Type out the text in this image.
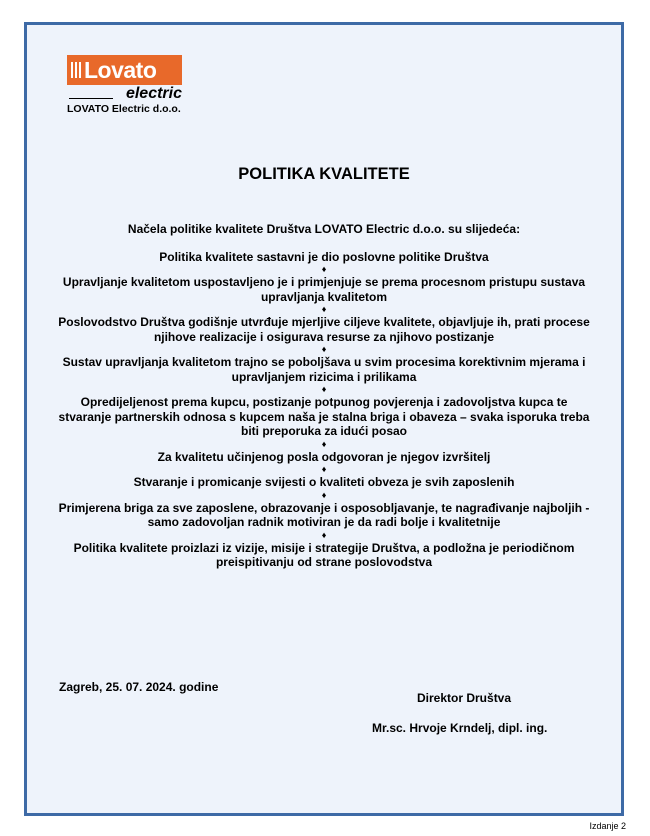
Lovato
electric
LOVATO Electric d.o.o.
POLITIKA KVALITETE
Načela politike kvalitete Društva LOVATO Electric d.o.o. su slijedeća:

Politika kvalitete sastavni je dio poslovne politike Društva

♦

Upravljanje kvalitetom uspostavljeno je i primjenjuje se prema procesnom pristupu sustava upravljanja kvalitetom

♦

Poslovodstvo Društva godišnje utvrđuje mjerljive ciljeve kvalitete, objavljuje ih, prati procese njihove realizacije i osigurava resurse za njihovo postizanje

♦

Sustav upravljanja kvalitetom trajno se poboljšava u svim procesima korektivnim mjerama i upravljanjem rizicima i prilikama

♦

Opredijeljenost prema kupcu, postizanje potpunog povjerenja i zadovoljstva kupca te stvaranje partnerskih odnosa s kupcem naša je stalna briga i obaveza – svaka isporuka treba biti preporuka za idući posao

♦

Za kvalitetu učinjenog posla odgovoran je njegov izvršitelj

♦

Stvaranje i promicanje svijesti o kvaliteti obveza je svih zaposlenih

♦

Primjerena briga za sve zaposlene, obrazovanje i osposobljavanje, te nagrađivanje najboljih - samo zadovoljan radnik motiviran je da radi bolje i kvalitetnije

♦

Politika kvalitete proizlazi iz vizije, misije i strategije Društva, a podložna je periodičnom preispitivanju od strane poslovodstva

Zagreb, 25. 07. 2024. godine
Direktor Društva
Mr.sc. Hrvoje Krndelj, dipl. ing.
Izdanje 2
